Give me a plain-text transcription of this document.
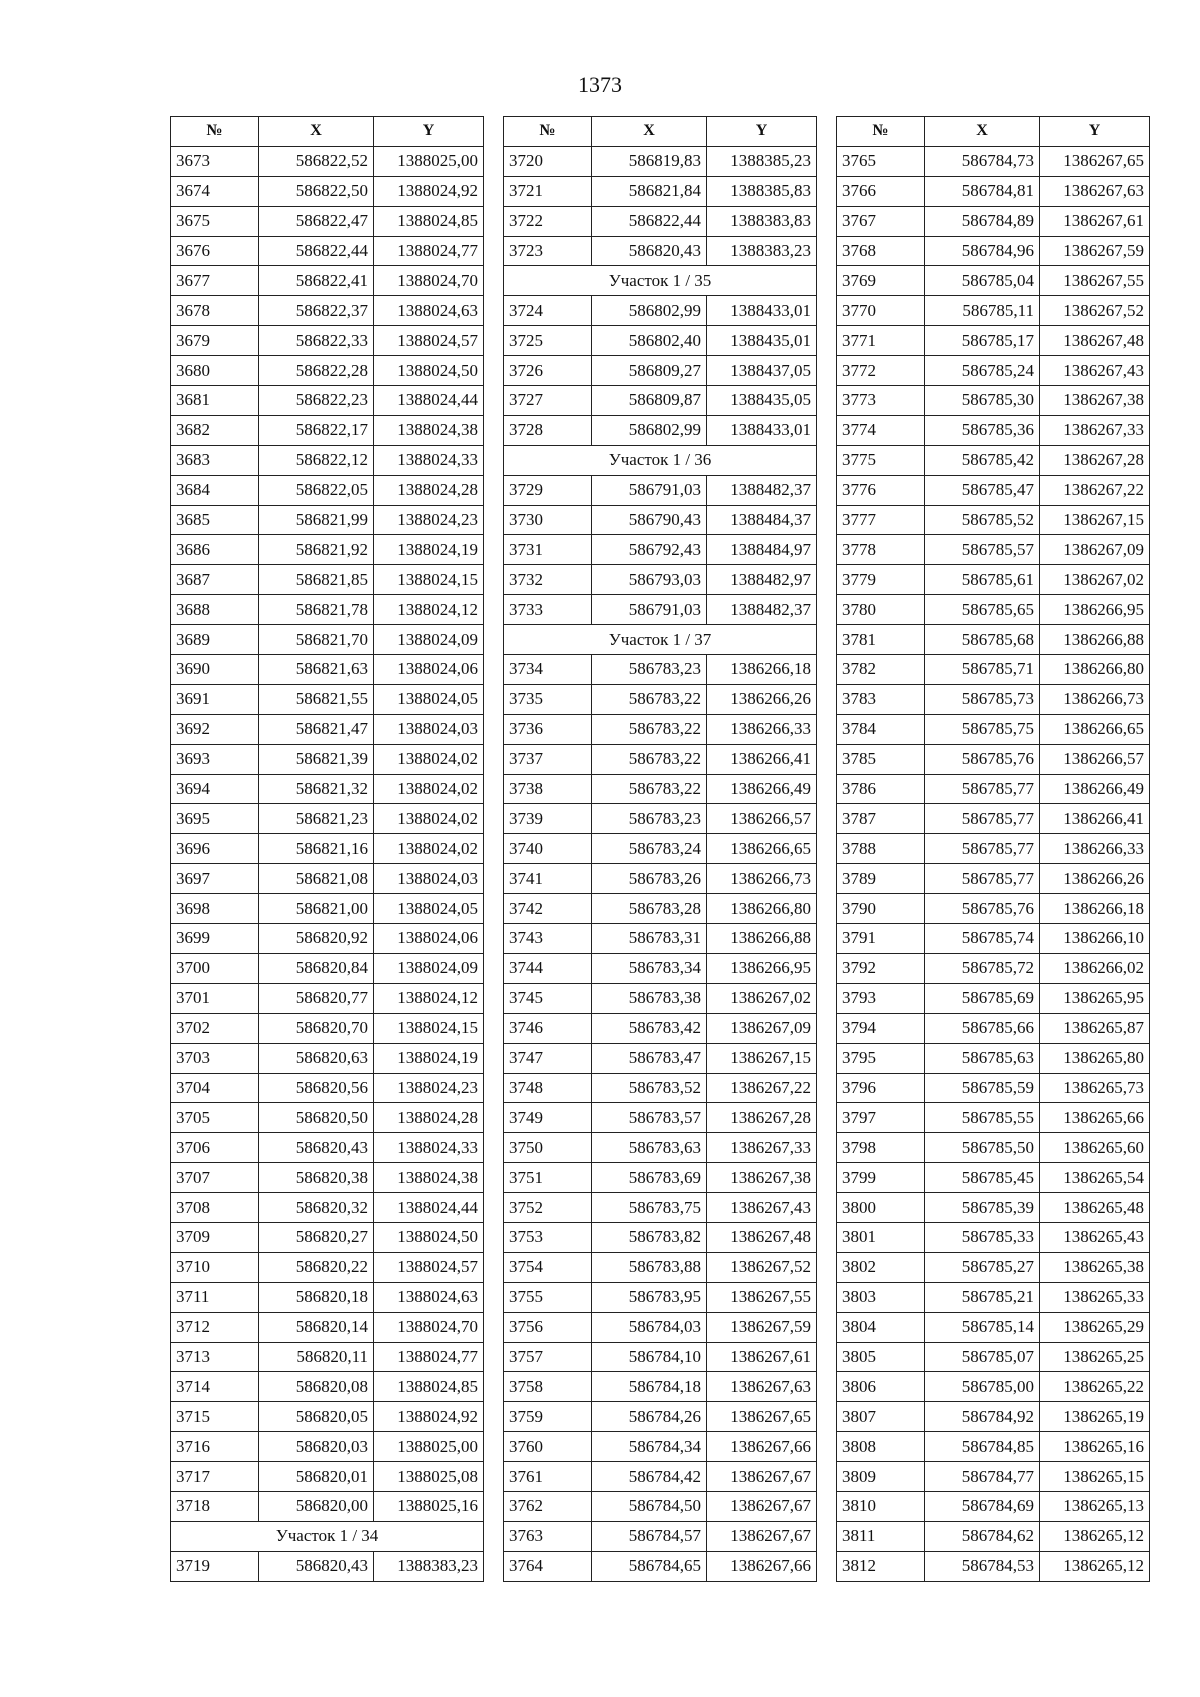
1373
№	X	Y
3673	586822,52	1388025,00
3674	586822,50	1388024,92
3675	586822,47	1388024,85
3676	586822,44	1388024,77
3677	586822,41	1388024,70
3678	586822,37	1388024,63
3679	586822,33	1388024,57
3680	586822,28	1388024,50
3681	586822,23	1388024,44
3682	586822,17	1388024,38
3683	586822,12	1388024,33
3684	586822,05	1388024,28
3685	586821,99	1388024,23
3686	586821,92	1388024,19
3687	586821,85	1388024,15
3688	586821,78	1388024,12
3689	586821,70	1388024,09
3690	586821,63	1388024,06
3691	586821,55	1388024,05
3692	586821,47	1388024,03
3693	586821,39	1388024,02
3694	586821,32	1388024,02
3695	586821,23	1388024,02
3696	586821,16	1388024,02
3697	586821,08	1388024,03
3698	586821,00	1388024,05
3699	586820,92	1388024,06
3700	586820,84	1388024,09
3701	586820,77	1388024,12
3702	586820,70	1388024,15
3703	586820,63	1388024,19
3704	586820,56	1388024,23
3705	586820,50	1388024,28
3706	586820,43	1388024,33
3707	586820,38	1388024,38
3708	586820,32	1388024,44
3709	586820,27	1388024,50
3710	586820,22	1388024,57
3711	586820,18	1388024,63
3712	586820,14	1388024,70
3713	586820,11	1388024,77
3714	586820,08	1388024,85
3715	586820,05	1388024,92
3716	586820,03	1388025,00
3717	586820,01	1388025,08
3718	586820,00	1388025,16
Участок 1 / 34		
3719	586820,43	1388383,23
№	X	Y
3720	586819,83	1388385,23
3721	586821,84	1388385,83
3722	586822,44	1388383,83
3723	586820,43	1388383,23
Участок 1 / 35		
3724	586802,99	1388433,01
3725	586802,40	1388435,01
3726	586809,27	1388437,05
3727	586809,87	1388435,05
3728	586802,99	1388433,01
Участок 1 / 36		
3729	586791,03	1388482,37
3730	586790,43	1388484,37
3731	586792,43	1388484,97
3732	586793,03	1388482,97
3733	586791,03	1388482,37
Участок 1 / 37		
3734	586783,23	1386266,18
3735	586783,22	1386266,26
3736	586783,22	1386266,33
3737	586783,22	1386266,41
3738	586783,22	1386266,49
3739	586783,23	1386266,57
3740	586783,24	1386266,65
3741	586783,26	1386266,73
3742	586783,28	1386266,80
3743	586783,31	1386266,88
3744	586783,34	1386266,95
3745	586783,38	1386267,02
3746	586783,42	1386267,09
3747	586783,47	1386267,15
3748	586783,52	1386267,22
3749	586783,57	1386267,28
3750	586783,63	1386267,33
3751	586783,69	1386267,38
3752	586783,75	1386267,43
3753	586783,82	1386267,48
3754	586783,88	1386267,52
3755	586783,95	1386267,55
3756	586784,03	1386267,59
3757	586784,10	1386267,61
3758	586784,18	1386267,63
3759	586784,26	1386267,65
3760	586784,34	1386267,66
3761	586784,42	1386267,67
3762	586784,50	1386267,67
3763	586784,57	1386267,67
3764	586784,65	1386267,66
№	X	Y
3765	586784,73	1386267,65
3766	586784,81	1386267,63
3767	586784,89	1386267,61
3768	586784,96	1386267,59
3769	586785,04	1386267,55
3770	586785,11	1386267,52
3771	586785,17	1386267,48
3772	586785,24	1386267,43
3773	586785,30	1386267,38
3774	586785,36	1386267,33
3775	586785,42	1386267,28
3776	586785,47	1386267,22
3777	586785,52	1386267,15
3778	586785,57	1386267,09
3779	586785,61	1386267,02
3780	586785,65	1386266,95
3781	586785,68	1386266,88
3782	586785,71	1386266,80
3783	586785,73	1386266,73
3784	586785,75	1386266,65
3785	586785,76	1386266,57
3786	586785,77	1386266,49
3787	586785,77	1386266,41
3788	586785,77	1386266,33
3789	586785,77	1386266,26
3790	586785,76	1386266,18
3791	586785,74	1386266,10
3792	586785,72	1386266,02
3793	586785,69	1386265,95
3794	586785,66	1386265,87
3795	586785,63	1386265,80
3796	586785,59	1386265,73
3797	586785,55	1386265,66
3798	586785,50	1386265,60
3799	586785,45	1386265,54
3800	586785,39	1386265,48
3801	586785,33	1386265,43
3802	586785,27	1386265,38
3803	586785,21	1386265,33
3804	586785,14	1386265,29
3805	586785,07	1386265,25
3806	586785,00	1386265,22
3807	586784,92	1386265,19
3808	586784,85	1386265,16
3809	586784,77	1386265,15
3810	586784,69	1386265,13
3811	586784,62	1386265,12
3812	586784,53	1386265,12
